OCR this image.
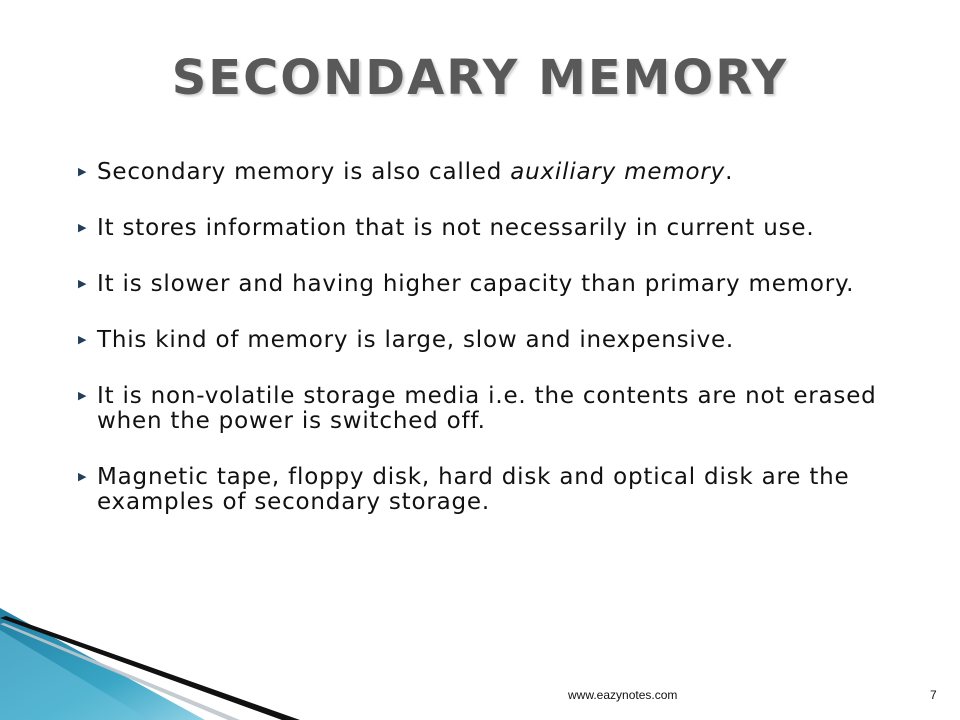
SECONDARY MEMORY
▶ Secondary memory is also called auxiliary memory.
▶ It stores information that is not necessarily in current use.
▶ It is slower and having higher capacity than primary memory.
▶ This kind of memory is large, slow and inexpensive.
▶ It is non-volatile storage media i.e. the contents are not erased when the power is switched off.
▶ Magnetic tape, floppy disk, hard disk and optical disk are the examples of secondary storage.
www.eazynotes.com	7
